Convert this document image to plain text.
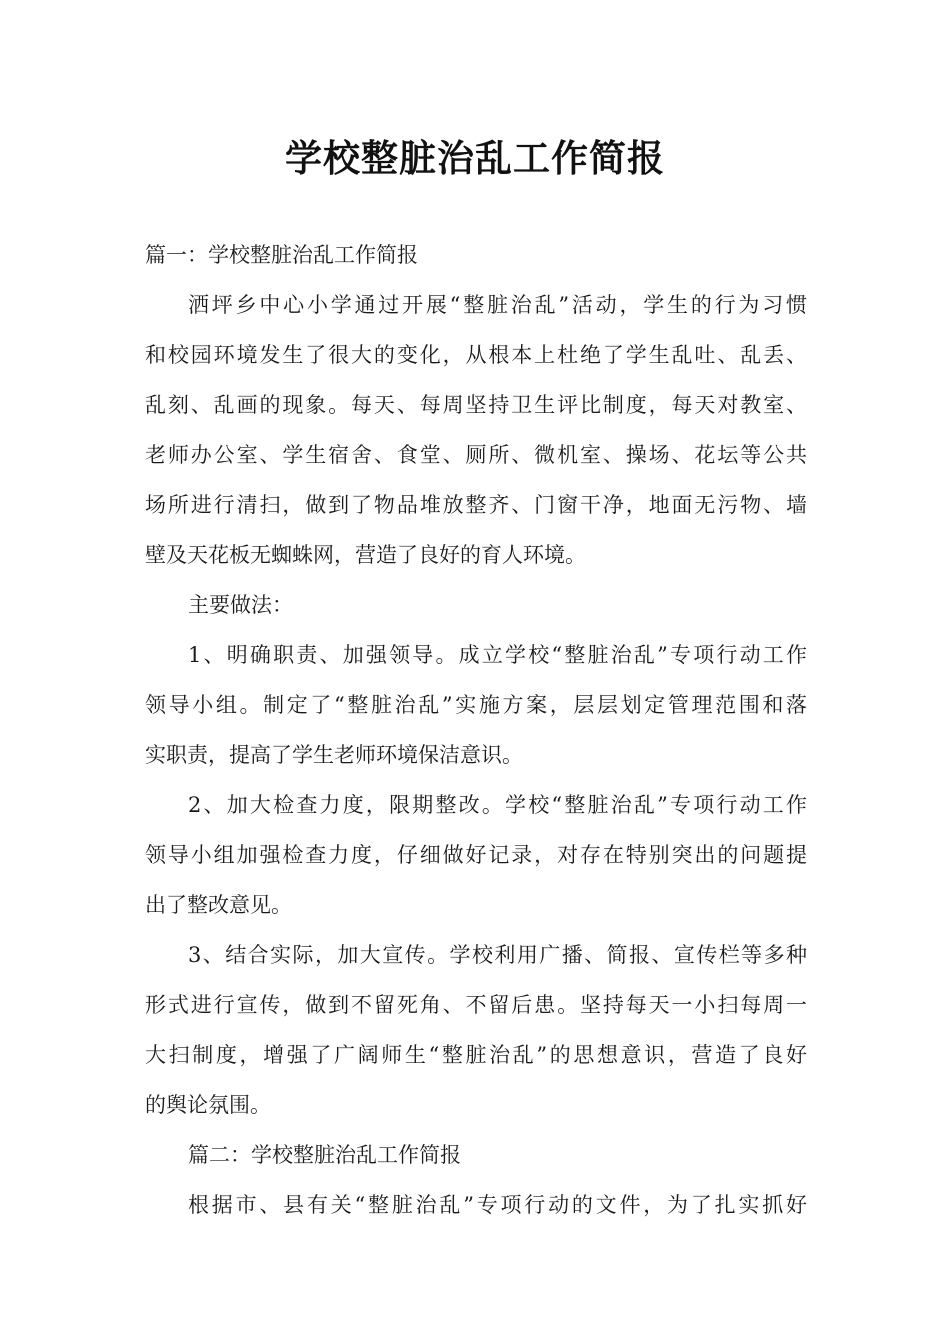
学校整脏治乱工作简报
篇一：学校整脏治乱工作简报
洒坪乡中心小学通过开展“整脏治乱”活动，学生的行为习惯
和校园环境发生了很大的变化，从根本上杜绝了学生乱吐、乱丢、
乱刻、乱画的现象。每天、每周坚持卫生评比制度，每天对教室、
老师办公室、学生宿舍、食堂、厕所、微机室、操场、花坛等公共
场所进行清扫，做到了物品堆放整齐、门窗干净，地面无污物、墙
壁及天花板无蜘蛛网，营造了良好的育人环境。
主要做法：
1、明确职责、加强领导。成立学校“整脏治乱”专项行动工作
领导小组。制定了“整脏治乱”实施方案，层层划定管理范围和落
实职责，提高了学生老师环境保洁意识。
2、加大检查力度，限期整改。学校“整脏治乱”专项行动工作
领导小组加强检查力度，仔细做好记录，对存在特别突出的问题提
出了整改意见。
3、结合实际，加大宣传。学校利用广播、简报、宣传栏等多种
形式进行宣传，做到不留死角、不留后患。坚持每天一小扫每周一
大扫制度，增强了广阔师生“整脏治乱”的思想意识，营造了良好
的舆论氛围。
篇二：学校整脏治乱工作简报
根据市、县有关“整脏治乱”专项行动的文件，为了扎实抓好
